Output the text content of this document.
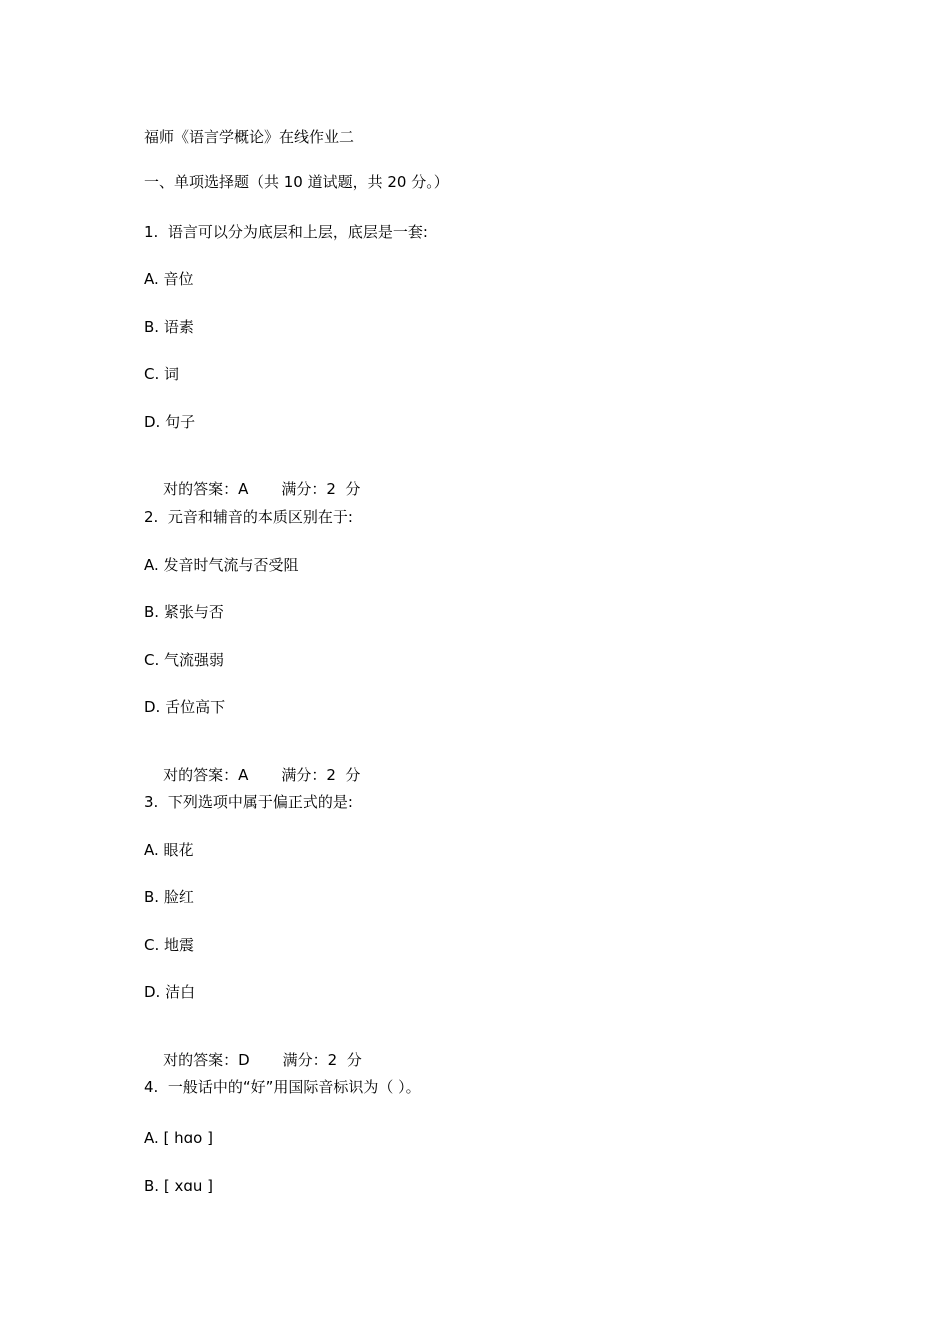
福师《语言学概论》在线作业二
一、单项选择题（共 10 道试题，共 20 分。）
1.  语言可以分为底层和上层，底层是一套:
A. 音位
B. 语素
C. 词
D. 句子

对的答案：A 满分：2  分

2.  元音和辅音的本质区别在于:
A. 发音时气流与否受阻
B. 紧张与否
C. 气流强弱
D. 舌位高下

对的答案：A 满分：2  分

3.  下列选项中属于偏正式的是:
A. 眼花
B. 脸红
C. 地震
D. 洁白

对的答案：D 满分：2  分

4.  一般话中的“好”用国际音标识为（ ）。
A. [ hɑo ]
B. [ xɑu ]
